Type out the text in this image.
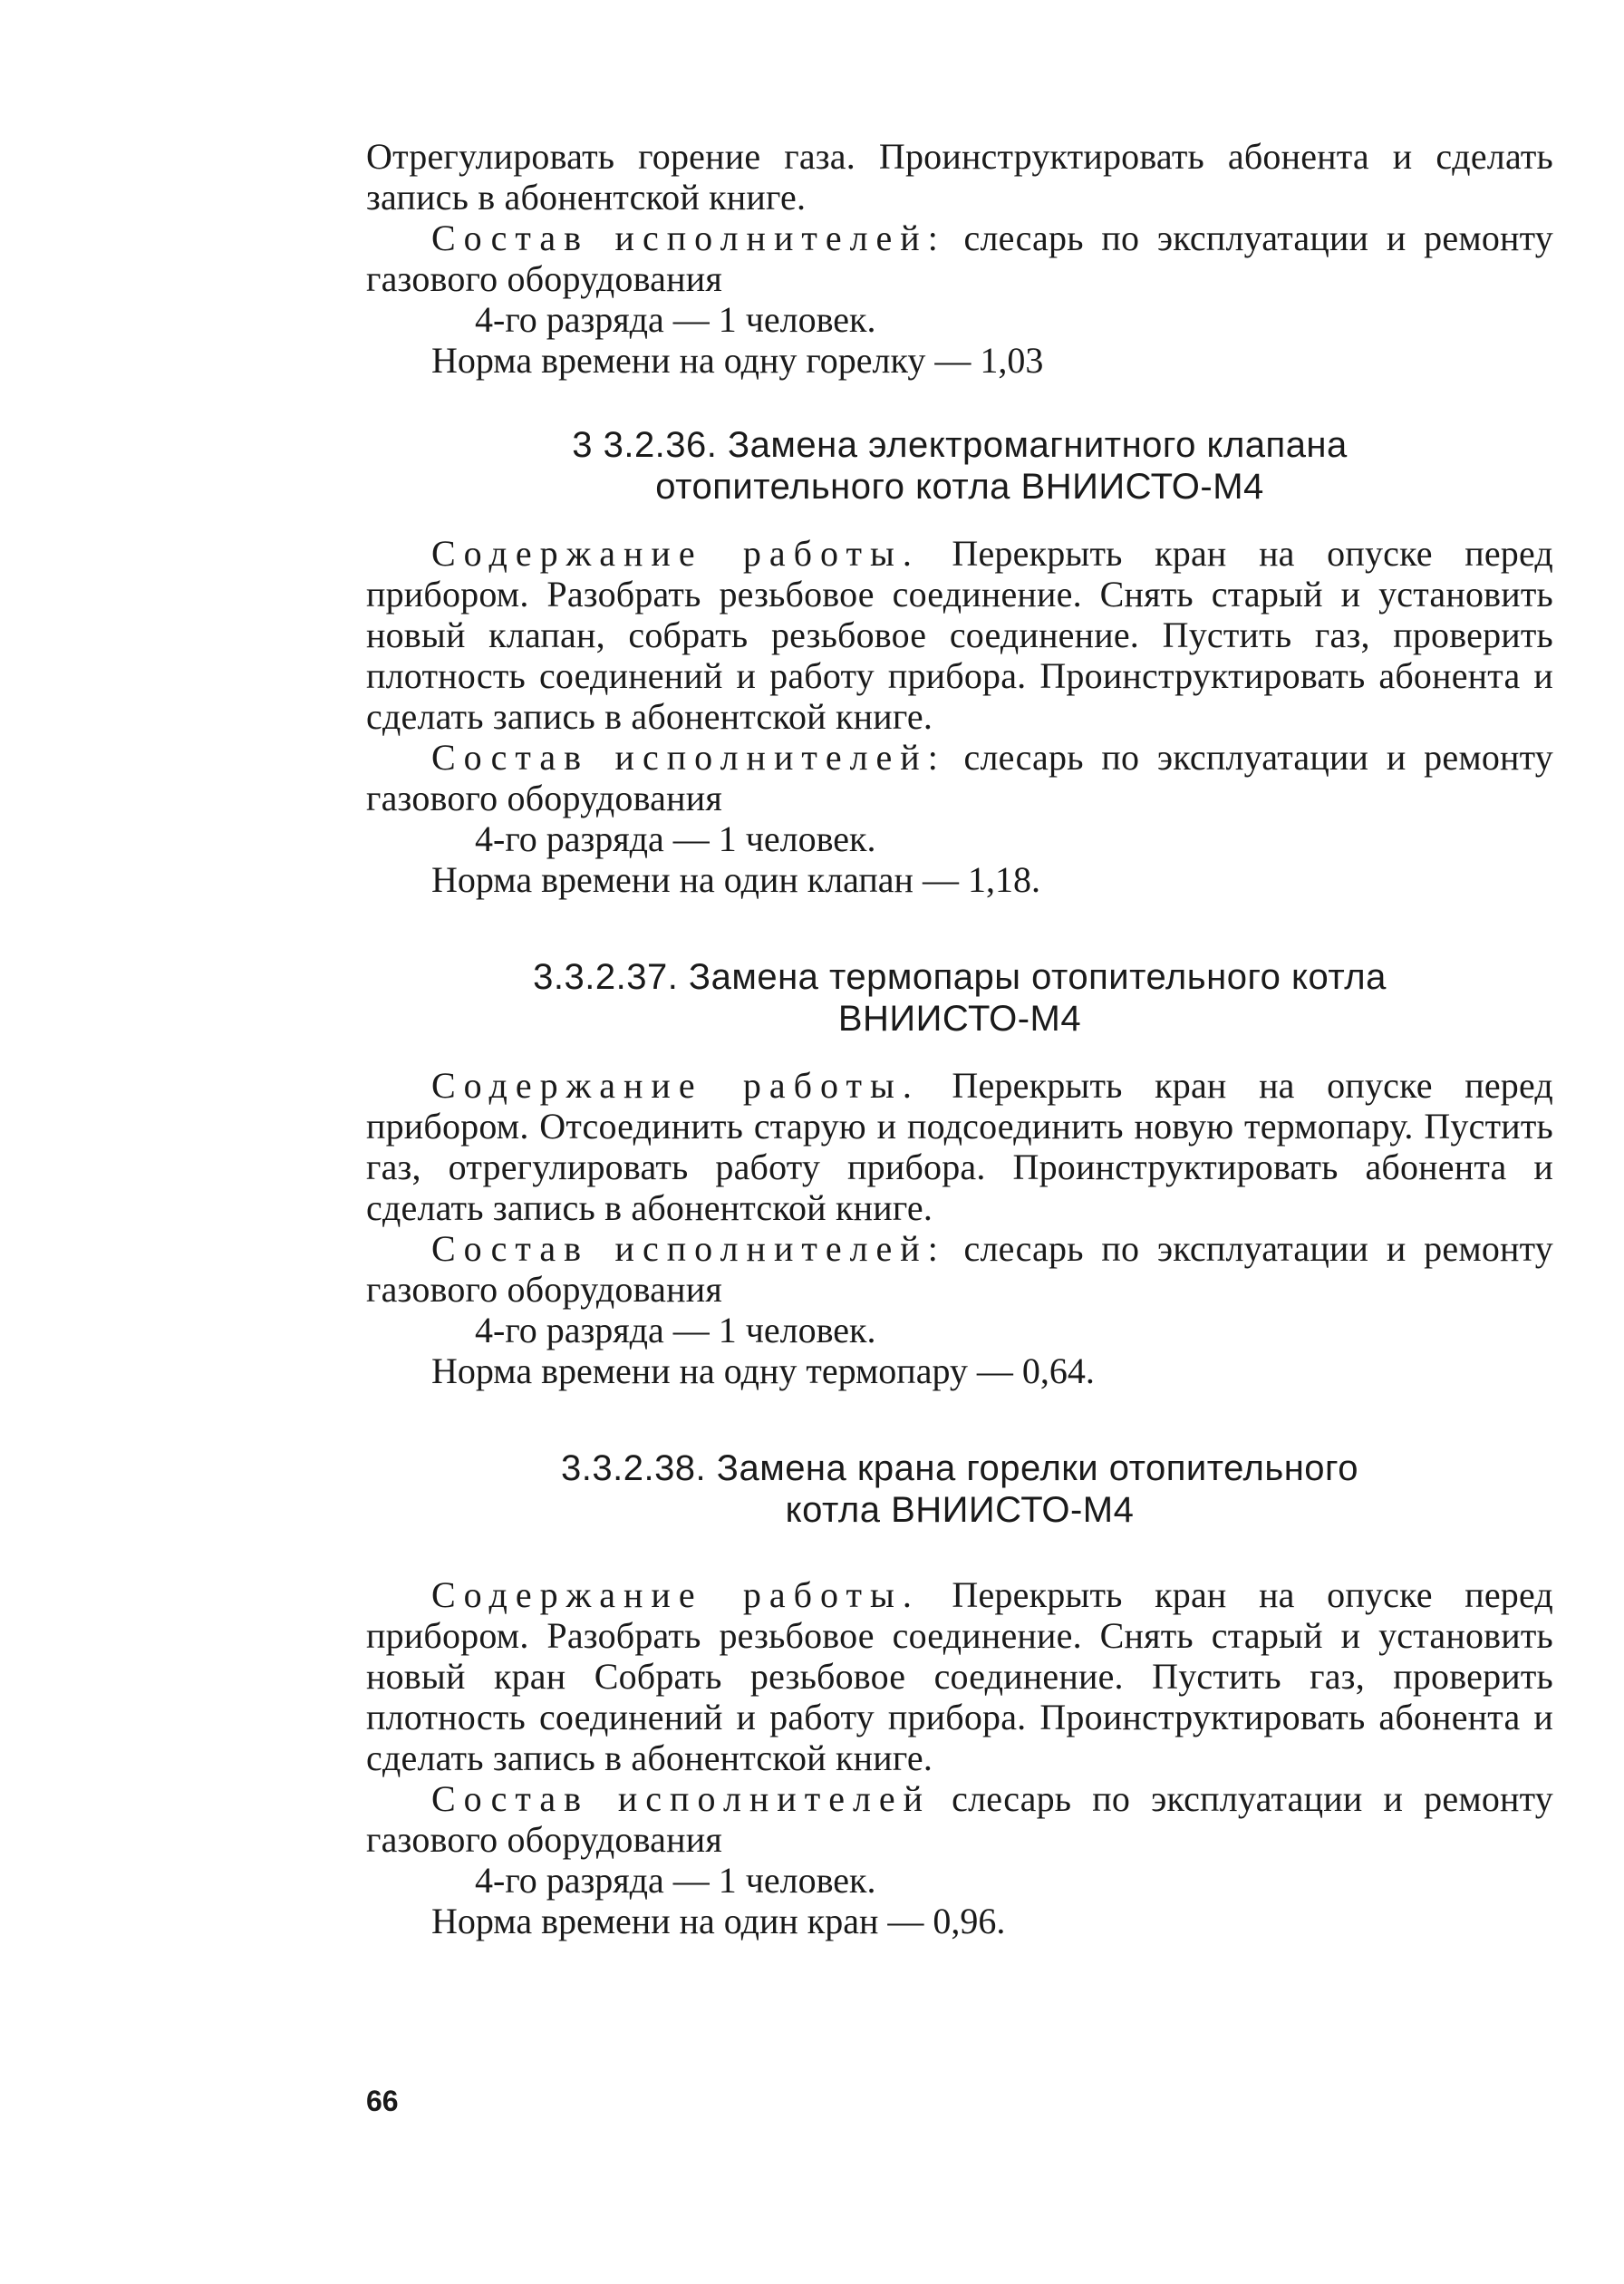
Отрегулировать горение газа. Проинструктировать абонента и сделать запись в абонентской книге.

Состав исполнителей: слесарь по эксплуатации и ремонту газового оборудования

4-го разряда — 1 человек.

Норма времени на одну горелку — 1,03

3 3.2.36. Замена электромагнитного клапана
отопительного котла ВНИИСТО-М4

Содержание работы. Перекрыть кран на опуске перед прибором. Разобрать резьбовое соединение. Снять старый и установить новый клапан, собрать резьбовое соединение. Пустить газ, проверить плотность соединений и работу прибора. Проинструктировать абонента и сделать запись в абонентской книге.

Состав исполнителей: слесарь по эксплуатации и ремонту газового оборудования

4-го разряда — 1 человек.

Норма времени на один клапан — 1,18.

3.3.2.37. Замена термопары отопительного котла
ВНИИСТО-М4

Содержание работы. Перекрыть кран на опуске перед прибором. Отсоединить старую и подсоединить новую термопару. Пустить газ, отрегулировать работу прибора. Проинструктировать абонента и сделать запись в абонентской книге.

Состав исполнителей: слесарь по эксплуатации и ремонту газового оборудования

4-го разряда — 1 человек.

Норма времени на одну термопару — 0,64.

3.3.2.38. Замена крана горелки отопительного
котла ВНИИСТО-М4

Содержание работы. Перекрыть кран на опуске перед прибором. Разобрать резьбовое соединение. Снять старый и установить новый кран Собрать резьбовое соединение. Пустить газ, проверить плотность соединений и работу прибора. Проинструктировать абонента и сделать запись в абонентской книге.

Состав исполнителей слесарь по эксплуатации и ремонту газового оборудования

4-го разряда — 1 человек.

Норма времени на один кран — 0,96.

66
